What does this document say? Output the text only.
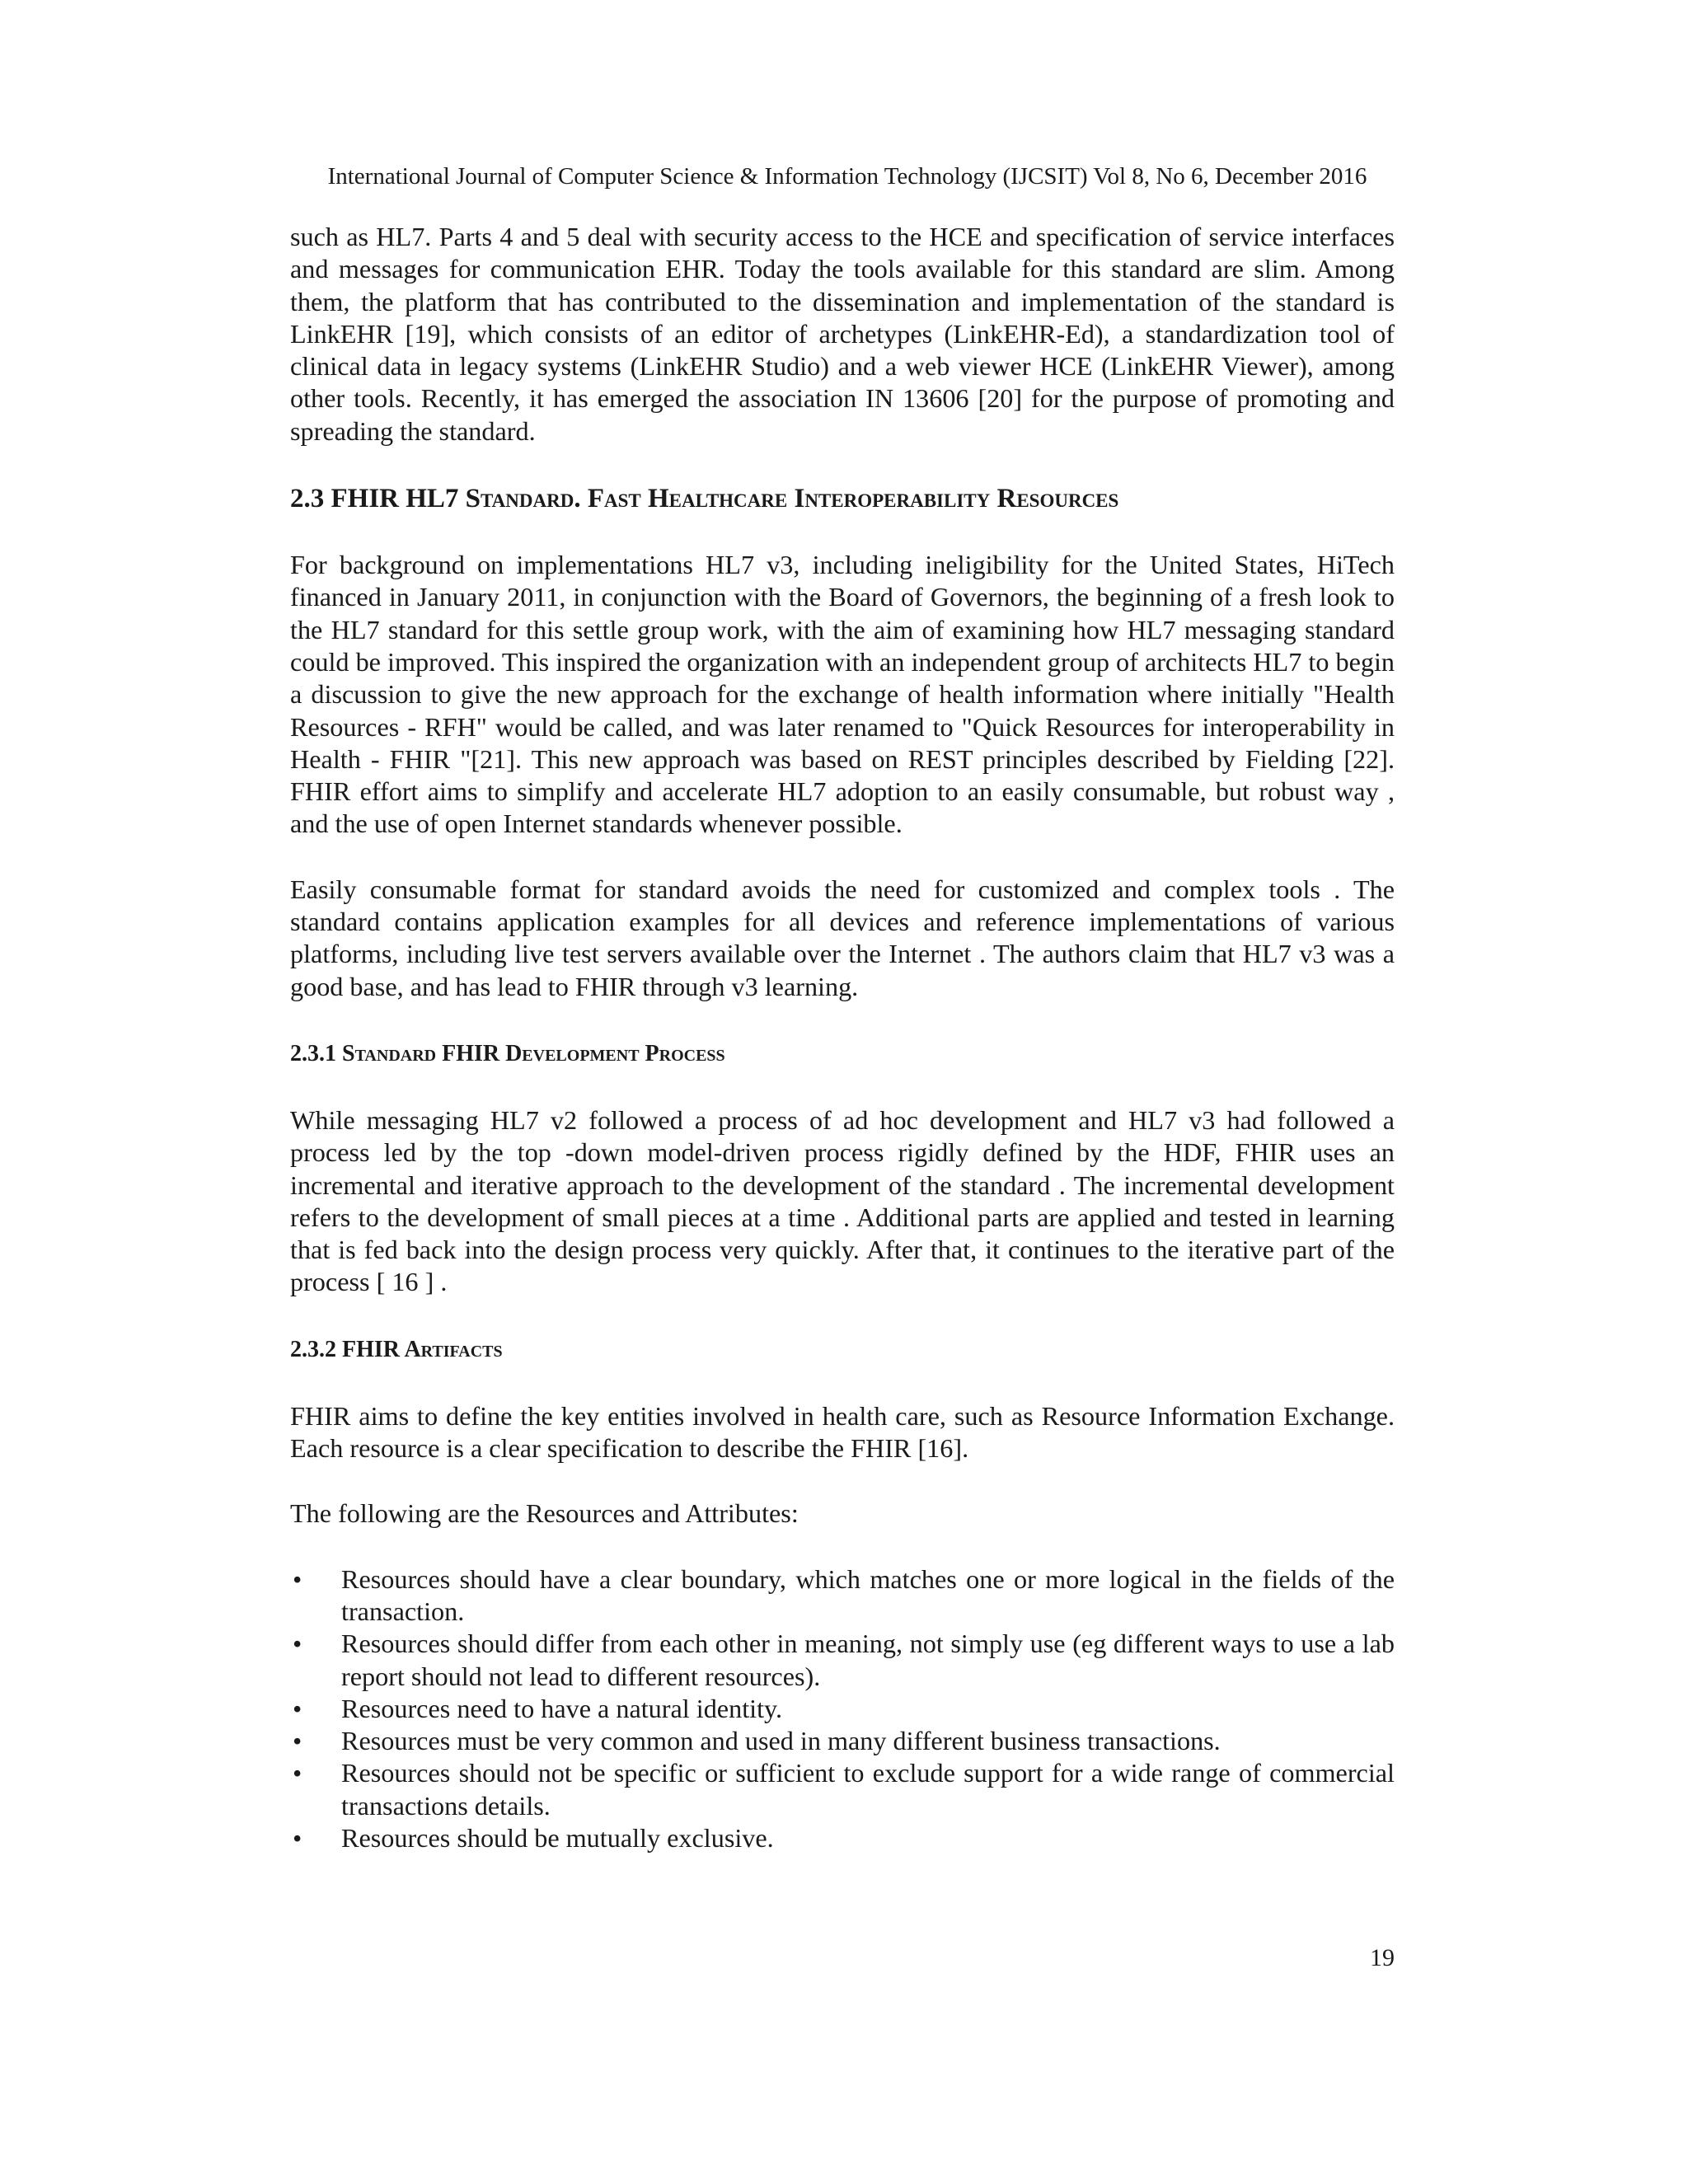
International Journal of Computer Science & Information Technology (IJCSIT) Vol 8, No 6, December 2016

such as HL7. Parts 4 and 5 deal with security access to the HCE and specification of service interfaces and messages for communication EHR. Today the tools available for this standard are slim. Among them, the platform that has contributed to the dissemination and implementation of the standard is LinkEHR [19], which consists of an editor of archetypes (LinkEHR-Ed), a standardization tool of clinical data in legacy systems (LinkEHR Studio) and a web viewer HCE (LinkEHR Viewer), among other tools. Recently, it has emerged the association IN 13606 [20] for the purpose of promoting and spreading the standard.

2.3 FHIR HL7 Standard. Fast Healthcare Interoperability Resources

For background on implementations HL7 v3, including ineligibility for the United States, HiTech financed in January 2011, in conjunction with the Board of Governors, the beginning of a fresh look to the HL7 standard for this settle group work, with the aim of examining how HL7 messaging standard could be improved. This inspired the organization with an independent group of architects HL7 to begin a discussion to give the new approach for the exchange of health information where initially "Health Resources - RFH" would be called, and was later renamed to "Quick Resources for interoperability in Health - FHIR "[21]. This new approach was based on REST principles described by Fielding [22]. FHIR effort aims to simplify and accelerate HL7 adoption to an easily consumable, but robust way , and the use of open Internet standards whenever possible.

Easily consumable format for standard avoids the need for customized and complex tools . The standard contains application examples for all devices and reference implementations of various platforms, including live test servers available over the Internet . The authors claim that HL7 v3 was a good base, and has lead to FHIR through v3 learning.

2.3.1 Standard FHIR Development Process

While messaging HL7 v2 followed a process of ad hoc development and HL7 v3 had followed a process led by the top -down model-driven process rigidly defined by the HDF, FHIR uses an incremental and iterative approach to the development of the standard . The incremental development refers to the development of small pieces at a time . Additional parts are applied and tested in learning that is fed back into the design process very quickly. After that, it continues to the iterative part of the process [ 16 ] .

2.3.2 FHIR Artifacts

FHIR aims to define the key entities involved in health care, such as Resource Information Exchange. Each resource is a clear specification to describe the FHIR [16].

The following are the Resources and Attributes:

• Resources should have a clear boundary, which matches one or more logical in the fields of the transaction.
• Resources should differ from each other in meaning, not simply use (eg different ways to use a lab report should not lead to different resources).
• Resources need to have a natural identity.
• Resources must be very common and used in many different business transactions.
• Resources should not be specific or sufficient to exclude support for a wide range of commercial transactions details.
• Resources should be mutually exclusive.
19
